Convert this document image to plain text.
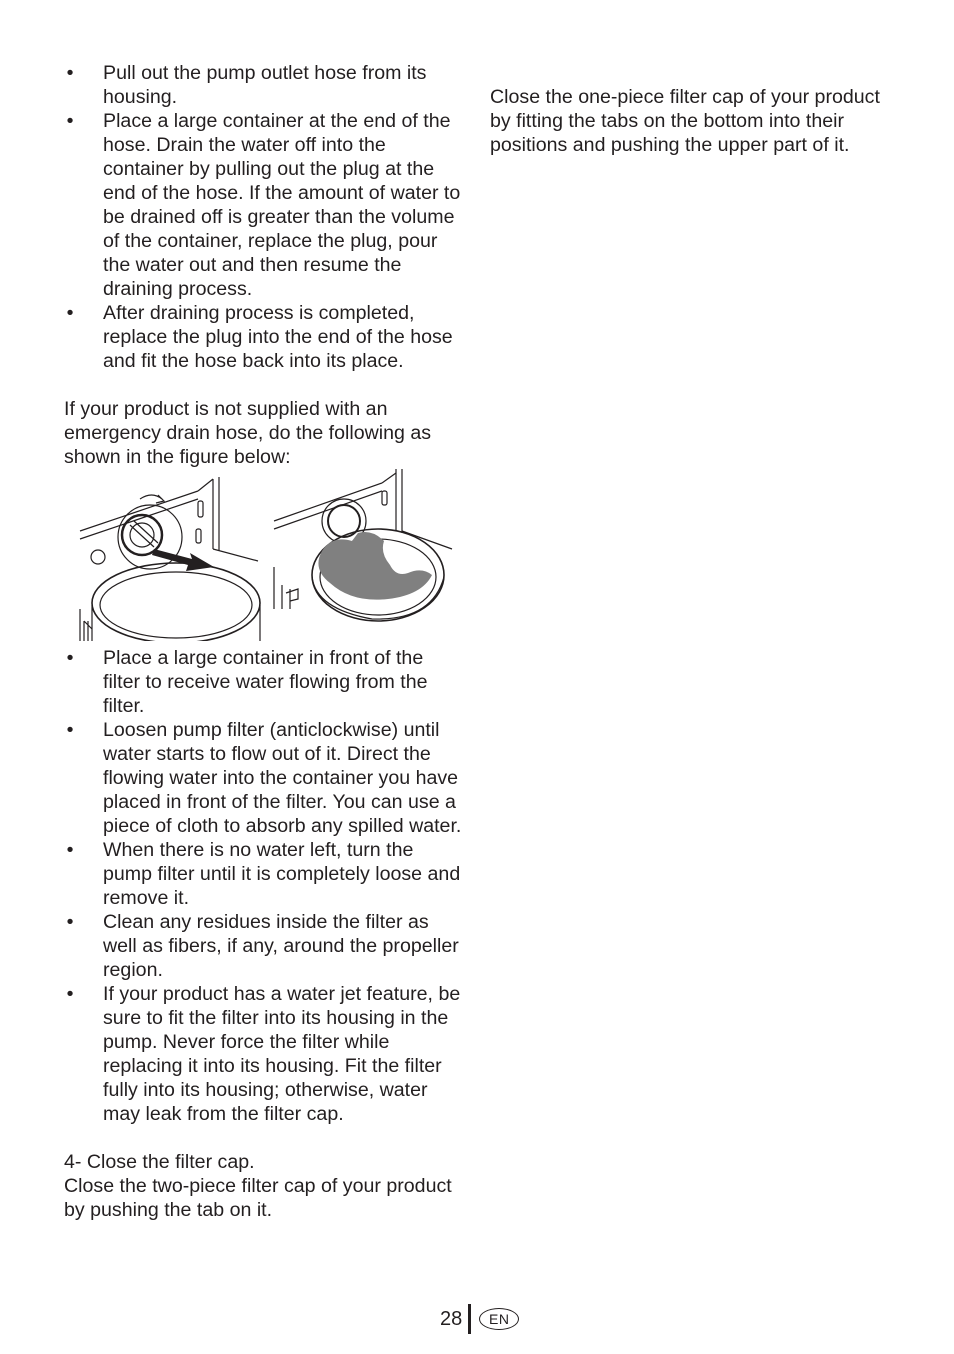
• Pull out the pump outlet hose from its housing.
• Place a large container at the end of the hose. Drain the water off into the container by pulling out the plug at the end of the hose. If the amount of water to be drained off is greater than the volume of the container, replace the plug, pour the water out and then resume the draining process.
• After draining process is completed, replace the plug into the end of the hose and fit the hose back into its place.

If your product is not supplied with an emergency drain hose, do the following as shown in the figure below:

• Place a large container in front of the filter to receive water flowing from the filter.
• Loosen pump filter (anticlockwise) until water starts to flow out of it. Direct the flowing water into the container you have placed in front of the filter. You can use a piece of cloth to absorb any spilled water.
• When there is no water left, turn the pump filter until it is completely loose and remove it.
• Clean any residues inside the filter as well as fibers, if any, around the propeller region.
• If your product has a water jet feature, be sure to fit the filter into its housing in the pump. Never force the filter while replacing it into its housing. Fit the filter fully into its housing; otherwise, water may leak from the filter cap.

4- Close the filter cap.

Close the two-piece filter cap of your product by pushing the tab on it.

Close the one-piece filter cap of your product by fitting the tabs on the bottom into their positions and pushing the upper part of it.

28	EN
